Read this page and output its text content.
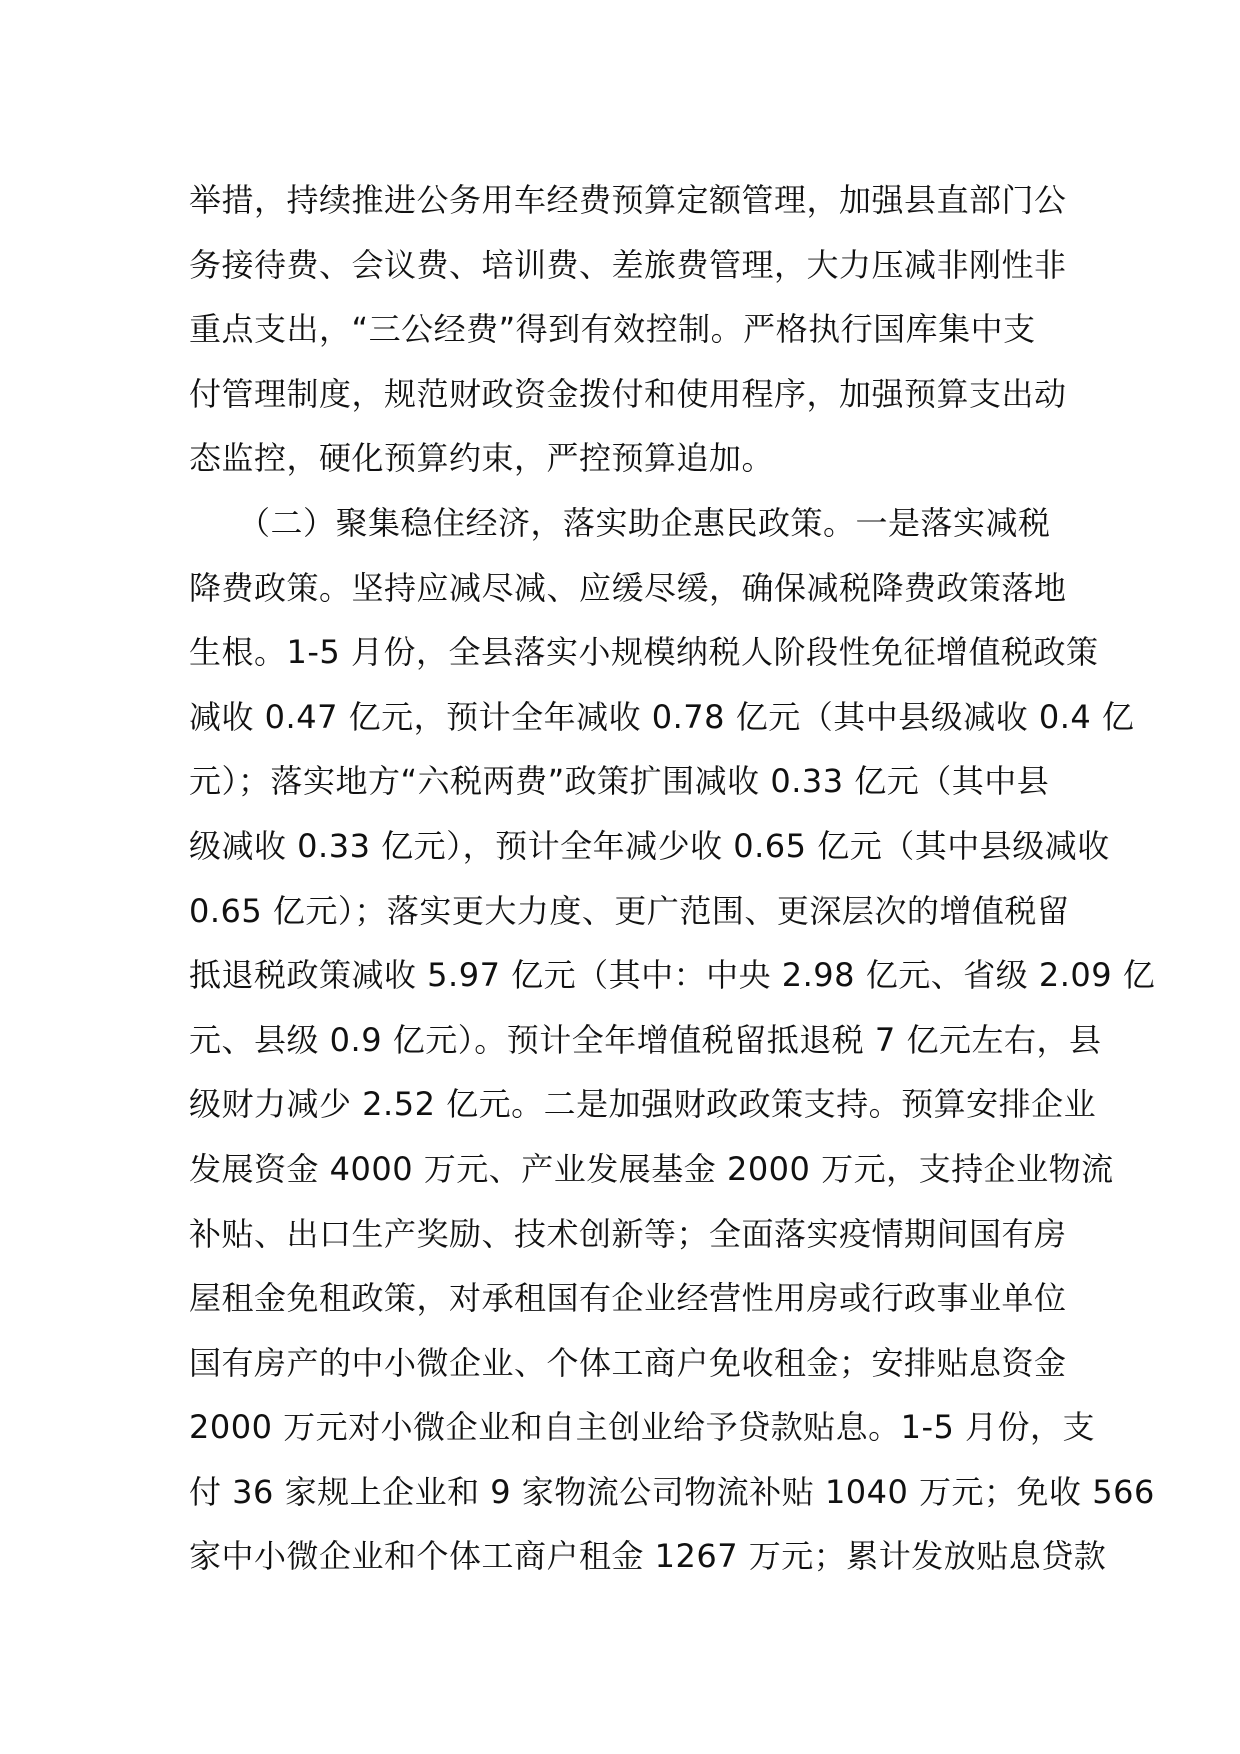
举措，持续推进公务用车经费预算定额管理，加强县直部门公
务接待费、会议费、培训费、差旅费管理，大力压减非刚性非
重点支出，“三公经费”得到有效控制。严格执行国库集中支
付管理制度，规范财政资金拨付和使用程序，加强预算支出动
态监控，硬化预算约束，严控预算追加。
　　（二）聚集稳住经济，落实助企惠民政策。一是落实减税
降费政策。坚持应减尽减、应缓尽缓，确保减税降费政策落地
生根。1-5 月份，全县落实小规模纳税人阶段性免征增值税政策
减收 0.47 亿元，预计全年减收 0.78 亿元（其中县级减收 0.4 亿
元）；落实地方“六税两费”政策扩围减收 0.33 亿元（其中县
级减收 0.33 亿元），预计全年减少收 0.65 亿元（其中县级减收
0.65 亿元）；落实更大力度、更广范围、更深层次的增值税留
抵退税政策减收 5.97 亿元（其中：中央 2.98 亿元、省级 2.09 亿
元、县级 0.9 亿元）。预计全年增值税留抵退税 7 亿元左右，县
级财力减少 2.52 亿元。二是加强财政政策支持。预算安排企业
发展资金 4000 万元、产业发展基金 2000 万元，支持企业物流
补贴、出口生产奖励、技术创新等；全面落实疫情期间国有房
屋租金免租政策，对承租国有企业经营性用房或行政事业单位
国有房产的中小微企业、个体工商户免收租金；安排贴息资金
2000 万元对小微企业和自主创业给予贷款贴息。1-5 月份，支
付 36 家规上企业和 9 家物流公司物流补贴 1040 万元；免收 566
家中小微企业和个体工商户租金 1267 万元；累计发放贴息贷款
